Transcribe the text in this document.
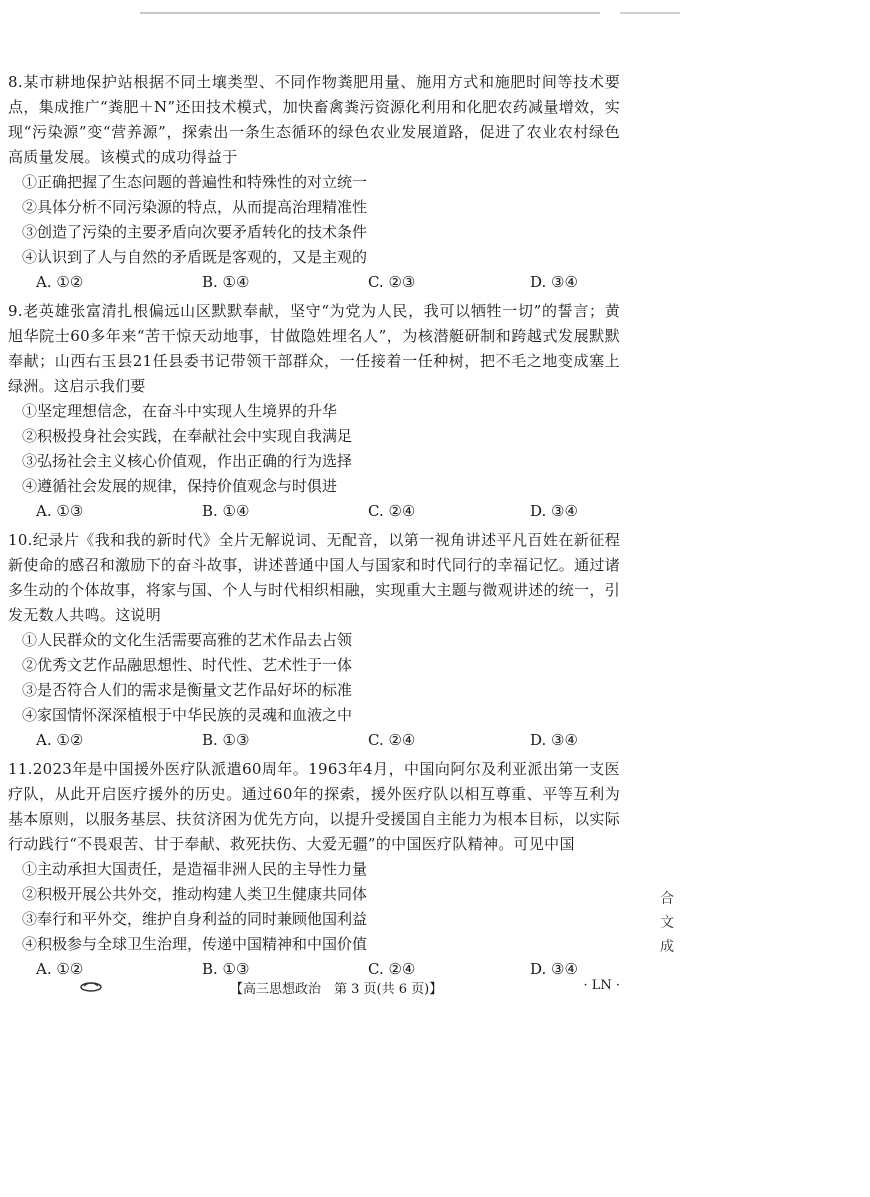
8.某市耕地保护站根据不同土壤类型、不同作物粪肥用量、施用方式和施肥时间等技术要点，集成推广“粪肥＋N”还田技术模式，加快畜禽粪污资源化利用和化肥农药减量增效，实现“污染源”变“营养源”，探索出一条生态循环的绿色农业发展道路，促进了农业农村绿色高质量发展。该模式的成功得益于
①正确把握了生态问题的普遍性和特殊性的对立统一
②具体分析不同污染源的特点，从而提高治理精准性
③创造了污染的主要矛盾向次要矛盾转化的技术条件
④认识到了人与自然的矛盾既是客观的，又是主观的
A. ①②	B. ①④	C. ②③	D. ③④
9.老英雄张富清扎根偏远山区默默奉献，坚守“为党为人民，我可以牺牲一切”的誓言；黄旭华院士60多年来“苦干惊天动地事，甘做隐姓埋名人”，为核潜艇研制和跨越式发展默默奉献；山西右玉县21任县委书记带领干部群众，一任接着一任种树，把不毛之地变成塞上绿洲。这启示我们要
①坚定理想信念，在奋斗中实现人生境界的升华
②积极投身社会实践，在奉献社会中实现自我满足
③弘扬社会主义核心价值观，作出正确的行为选择
④遵循社会发展的规律，保持价值观念与时俱进
A. ①③	B. ①④	C. ②④	D. ③④
10.纪录片《我和我的新时代》全片无解说词、无配音，以第一视角讲述平凡百姓在新征程新使命的感召和激励下的奋斗故事，讲述普通中国人与国家和时代同行的幸福记忆。通过诸多生动的个体故事，将家与国、个人与时代相织相融，实现重大主题与微观讲述的统一，引发无数人共鸣。这说明
①人民群众的文化生活需要高雅的艺术作品去占领
②优秀文艺作品融思想性、时代性、艺术性于一体
③是否符合人们的需求是衡量文艺作品好坏的标准
④家国情怀深深植根于中华民族的灵魂和血液之中
A. ①②	B. ①③	C. ②④	D. ③④
11.2023年是中国援外医疗队派遣60周年。1963年4月，中国向阿尔及利亚派出第一支医疗队，从此开启医疗援外的历史。通过60年的探索，援外医疗队以相互尊重、平等互利为基本原则，以服务基层、扶贫济困为优先方向，以提升受援国自主能力为根本目标，以实际行动践行“不畏艰苦、甘于奉献、救死扶伤、大爱无疆”的中国医疗队精神。可见中国
①主动承担大国责任，是造福非洲人民的主导性力量
②积极开展公共外交，推动构建人类卫生健康共同体
③奉行和平外交，维护自身利益的同时兼顾他国利益
④积极参与全球卫生治理，传递中国精神和中国价值
A. ①②	B. ①③	C. ②④	D. ③④
【高三思想政治　第 3 页(共 6 页)】	· LN ·
合
文
成
